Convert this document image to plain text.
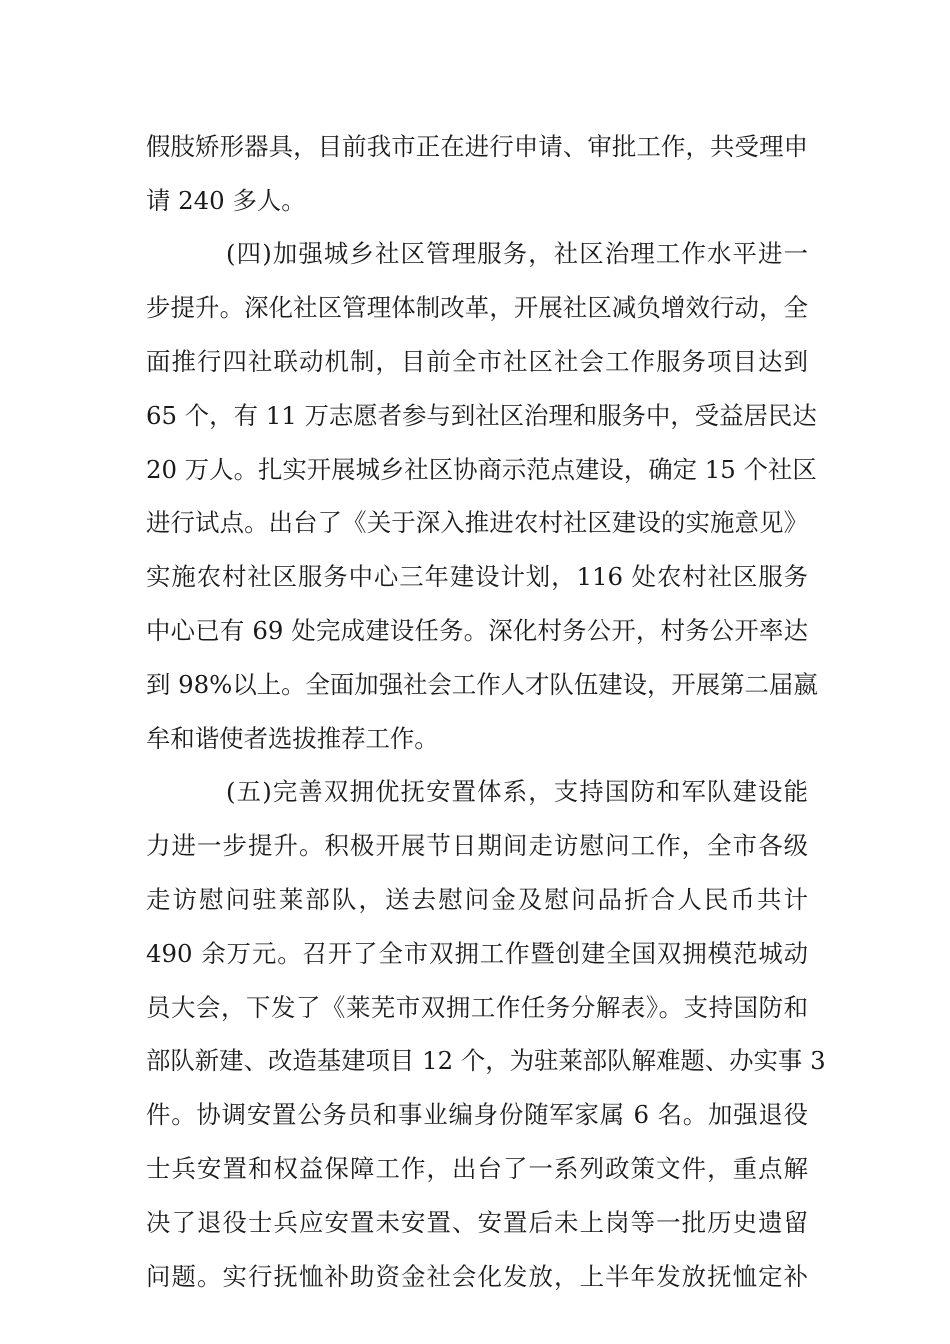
假肢矫形器具，目前我市正在进行申请、审批工作，共受理申
请 240 多人。
(四)加强城乡社区管理服务，社区治理工作水平进一
步提升。深化社区管理体制改革，开展社区减负增效行动，全
面推行四社联动机制，目前全市社区社会工作服务项目达到
65 个，有 11 万志愿者参与到社区治理和服务中，受益居民达
20 万人。扎实开展城乡社区协商示范点建设，确定 15 个社区
进行试点。出台了《关于深入推进农村社区建设的实施意见》
实施农村社区服务中心三年建设计划，116 处农村社区服务
中心已有 69 处完成建设任务。深化村务公开，村务公开率达
到 98%以上。全面加强社会工作人才队伍建设，开展第二届嬴
牟和谐使者选拔推荐工作。
(五)完善双拥优抚安置体系，支持国防和军队建设能
力进一步提升。积极开展节日期间走访慰问工作，全市各级
走访慰问驻莱部队，送去慰问金及慰问品折合人民币共计
490 余万元。召开了全市双拥工作暨创建全国双拥模范城动
员大会，下发了《莱芜市双拥工作任务分解表》。支持国防和
部队新建、改造基建项目 12 个，为驻莱部队解难题、办实事 3
件。协调安置公务员和事业编身份随军家属 6 名。加强退役
士兵安置和权益保障工作，出台了一系列政策文件，重点解
决了退役士兵应安置未安置、安置后未上岗等一批历史遗留
问题。实行抚恤补助资金社会化发放，上半年发放抚恤定补
